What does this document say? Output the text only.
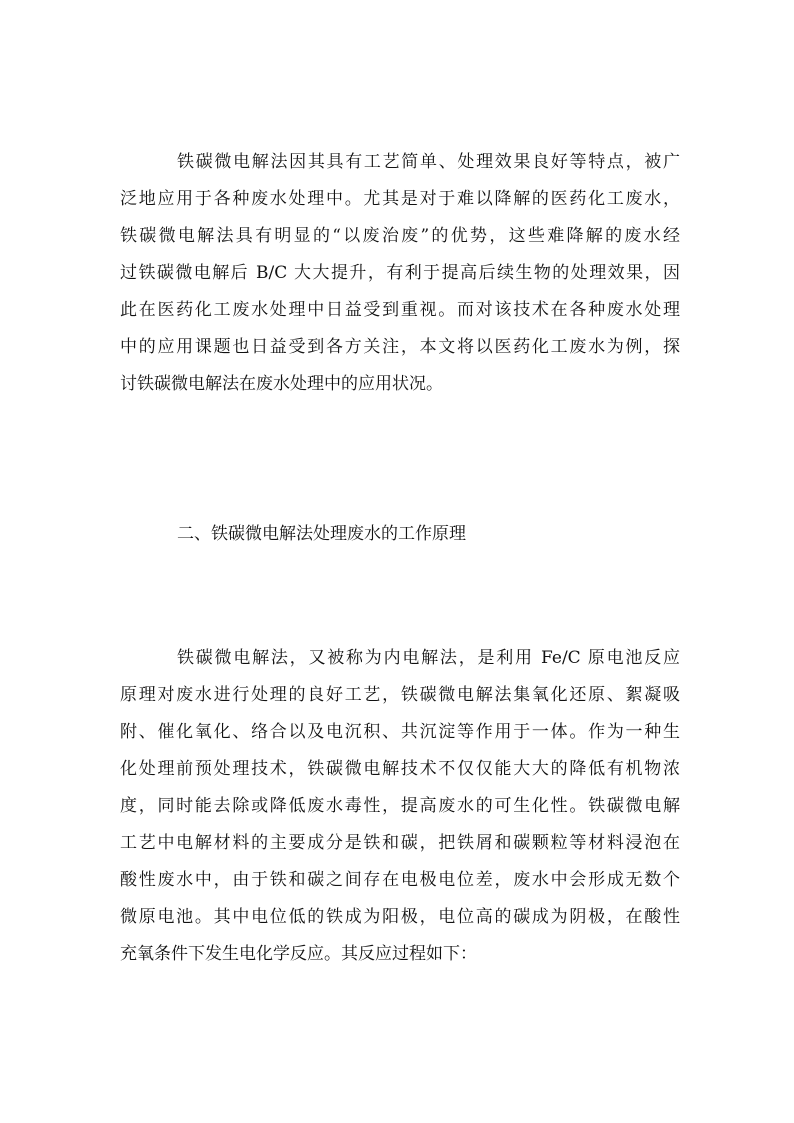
铁碳微电解法因其具有工艺简单、处理效果良好等特点，被广
泛地应用于各种废水处理中。尤其是对于难以降解的医药化工废水，
铁碳微电解法具有明显的“以废治废”的优势，这些难降解的废水经
过铁碳微电解后 B/C 大大提升，有利于提高后续生物的处理效果，因
此在医药化工废水处理中日益受到重视。而对该技术在各种废水处理
中的应用课题也日益受到各方关注，本文将以医药化工废水为例，探
讨铁碳微电解法在废水处理中的应用状况。
二、铁碳微电解法处理废水的工作原理
铁碳微电解法，又被称为内电解法，是利用 Fe/C 原电池反应
原理对废水进行处理的良好工艺，铁碳微电解法集氧化还原、絮凝吸
附、催化氧化、络合以及电沉积、共沉淀等作用于一体。作为一种生
化处理前预处理技术，铁碳微电解技术不仅仅能大大的降低有机物浓
度，同时能去除或降低废水毒性，提高废水的可生化性。铁碳微电解
工艺中电解材料的主要成分是铁和碳，把铁屑和碳颗粒等材料浸泡在
酸性废水中，由于铁和碳之间存在电极电位差，废水中会形成无数个
微原电池。其中电位低的铁成为阳极，电位高的碳成为阴极，在酸性
充氧条件下发生电化学反应。其反应过程如下：
